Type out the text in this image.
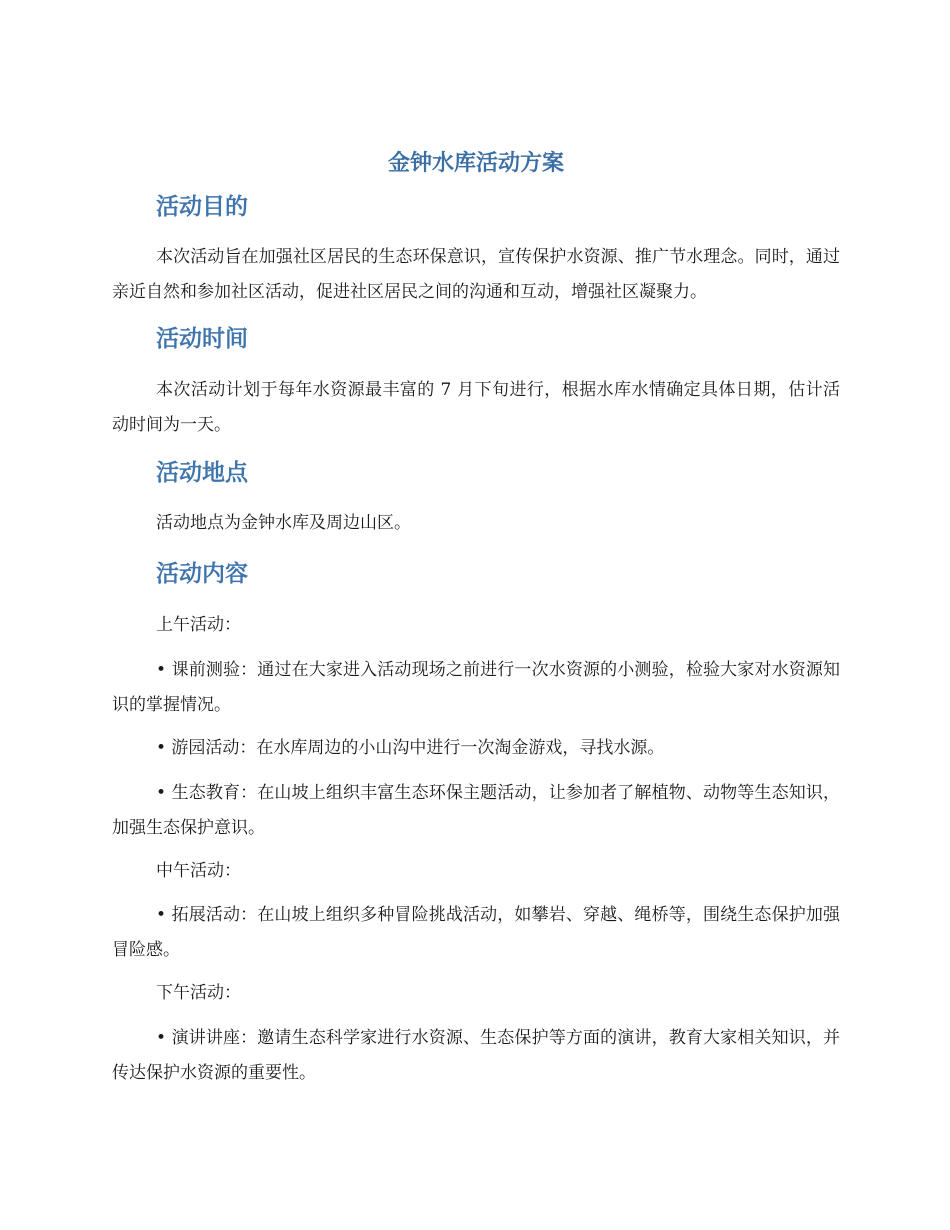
金钟水库活动方案
活动目的

本次活动旨在加强社区居民的生态环保意识，宣传保护水资源、推广节水理念。同时，通过亲近自然和参加社区活动，促进社区居民之间的沟通和互动，增强社区凝聚力。

活动时间

本次活动计划于每年水资源最丰富的 7 月下旬进行，根据水库水情确定具体日期，估计活动时间为一天。

活动地点

活动地点为金钟水库及周边山区。

活动内容

上午活动：

• 课前测验：通过在大家进入活动现场之前进行一次水资源的小测验，检验大家对水资源知识的掌握情况。

• 游园活动：在水库周边的小山沟中进行一次淘金游戏，寻找水源。

• 生态教育：在山坡上组织丰富生态环保主题活动，让参加者了解植物、动物等生态知识，加强生态保护意识。

中午活动：

• 拓展活动：在山坡上组织多种冒险挑战活动，如攀岩、穿越、绳桥等，围绕生态保护加强冒险感。

下午活动：

• 演讲讲座：邀请生态科学家进行水资源、生态保护等方面的演讲，教育大家相关知识，并传达保护水资源的重要性。
